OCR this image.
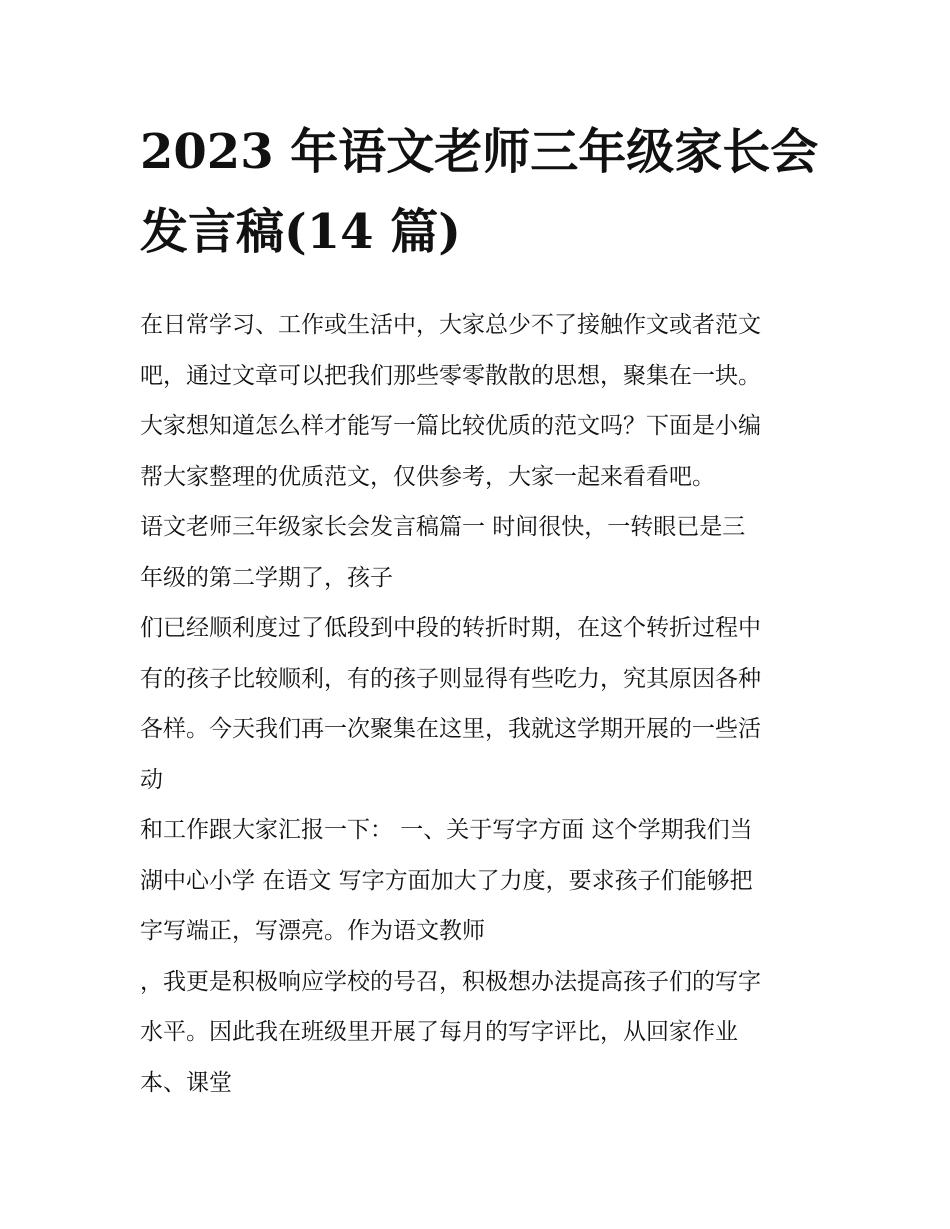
2023 年语文老师三年级家长会
发言稿(14 篇)
在日常学习、工作或生活中，大家总少不了接触作文或者范文
吧，通过文章可以把我们那些零零散散的思想，聚集在一块。
大家想知道怎么样才能写一篇比较优质的范文吗？下面是小编
帮大家整理的优质范文，仅供参考，大家一起来看看吧。
语文老师三年级家长会发言稿篇一 时间很快，一转眼已是三
年级的第二学期了，孩子
们已经顺利度过了低段到中段的转折时期，在这个转折过程中
有的孩子比较顺利，有的孩子则显得有些吃力，究其原因各种
各样。今天我们再一次聚集在这里，我就这学期开展的一些活
动
和工作跟大家汇报一下： 一、关于写字方面 这个学期我们当
湖中心小学 在语文 写字方面加大了力度，要求孩子们能够把
字写端正，写漂亮。作为语文教师
，我更是积极响应学校的号召，积极想办法提高孩子们的写字
水平。因此我在班级里开展了每月的写字评比，从回家作业
本、课堂
